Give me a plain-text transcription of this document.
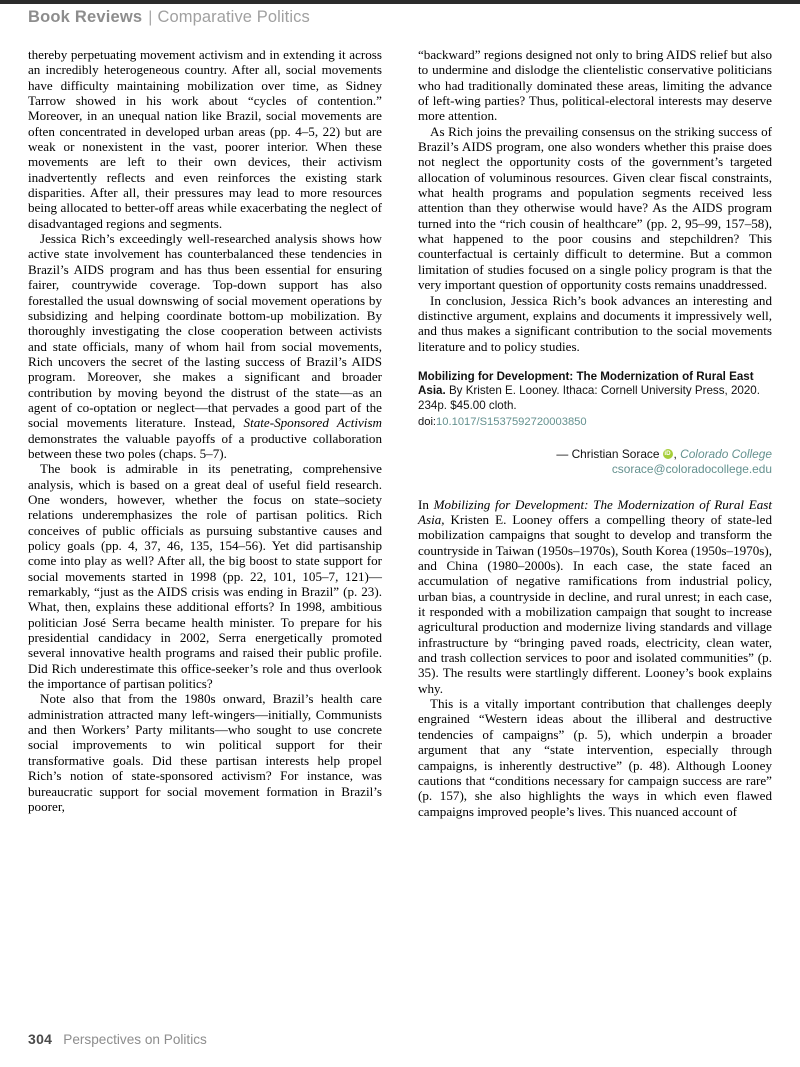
Book Reviews | Comparative Politics

thereby perpetuating movement activism and in extending it across an incredibly heterogeneous country. After all, social movements have difficulty maintaining mobilization over time, as Sidney Tarrow showed in his work about “cycles of contention.” Moreover, in an unequal nation like Brazil, social movements are often concentrated in developed urban areas (pp. 4–5, 22) but are weak or nonexistent in the vast, poorer interior. When these movements are left to their own devices, their activism inadvertently reflects and even reinforces the existing stark disparities. After all, their pressures may lead to more resources being allocated to better-off areas while exacerbating the neglect of disadvantaged regions and segments.

Jessica Rich’s exceedingly well-researched analysis shows how active state involvement has counterbalanced these tendencies in Brazil’s AIDS program and has thus been essential for ensuring fairer, countrywide coverage. Top-down support has also forestalled the usual downswing of social movement operations by subsidizing and helping coordinate bottom-up mobilization. By thoroughly investigating the close cooperation between activists and state officials, many of whom hail from social movements, Rich uncovers the secret of the lasting success of Brazil’s AIDS program. Moreover, she makes a significant and broader contribution by moving beyond the distrust of the state—as an agent of co-optation or neglect—that pervades a good part of the social movements literature. Instead, State-Sponsored Activism demonstrates the valuable payoffs of a productive collaboration between these two poles (chaps. 5–7).

The book is admirable in its penetrating, comprehensive analysis, which is based on a great deal of useful field research. One wonders, however, whether the focus on state–society relations underemphasizes the role of partisan politics. Rich conceives of public officials as pursuing substantive causes and policy goals (pp. 4, 37, 46, 135, 154–56). Yet did partisanship come into play as well? After all, the big boost to state support for social movements started in 1998 (pp. 22, 101, 105–7, 121)—remarkably, “just as the AIDS crisis was ending in Brazil” (p. 23). What, then, explains these additional efforts? In 1998, ambitious politician José Serra became health minister. To prepare for his presidential candidacy in 2002, Serra energetically promoted several innovative health programs and raised their public profile. Did Rich underestimate this office-seeker’s role and thus overlook the importance of partisan politics?

Note also that from the 1980s onward, Brazil’s health care administration attracted many left-wingers—initially, Communists and then Workers’ Party militants—who sought to use concrete social improvements to win political support for their transformative goals. Did these partisan interests help propel Rich’s notion of state-sponsored activism? For instance, was bureaucratic support for social movement formation in Brazil’s poorer,

“backward” regions designed not only to bring AIDS relief but also to undermine and dislodge the clientelistic conservative politicians who had traditionally dominated these areas, limiting the advance of left-wing parties? Thus, political-electoral interests may deserve more attention.

As Rich joins the prevailing consensus on the striking success of Brazil’s AIDS program, one also wonders whether this praise does not neglect the opportunity costs of the government’s targeted allocation of voluminous resources. Given clear fiscal constraints, what health programs and population segments received less attention than they otherwise would have? As the AIDS program turned into the “rich cousin of healthcare” (pp. 2, 95–99, 157–58), what happened to the poor cousins and stepchildren? This counterfactual is certainly difficult to determine. But a common limitation of studies focused on a single policy program is that the very important question of opportunity costs remains unaddressed.

In conclusion, Jessica Rich’s book advances an interesting and distinctive argument, explains and documents it impressively well, and thus makes a significant contribution to the social movements literature and to policy studies.

Mobilizing for Development: The Modernization of Rural East Asia. By Kristen E. Looney. Ithaca: Cornell University Press, 2020. 234p. $45.00 cloth.
doi:10.1017/S1537592720003850
— Christian Sorace iD , Colorado College
csorace@coloradocollege.edu

In Mobilizing for Development: The Modernization of Rural East Asia, Kristen E. Looney offers a compelling theory of state-led mobilization campaigns that sought to develop and transform the countryside in Taiwan (1950s–1970s), South Korea (1950s–1970s), and China (1980–2000s). In each case, the state faced an accumulation of negative ramifications from industrial policy, urban bias, a countryside in decline, and rural unrest; in each case, it responded with a mobilization campaign that sought to increase agricultural production and modernize living standards and village infrastructure by “bringing paved roads, electricity, clean water, and trash collection services to poor and isolated communities” (p. 35). The results were startlingly different. Looney’s book explains why.

This is a vitally important contribution that challenges deeply engrained “Western ideas about the illiberal and destructive tendencies of campaigns” (p. 5), which underpin a broader argument that any “state intervention, especially through campaigns, is inherently destructive” (p. 48). Although Looney cautions that “conditions necessary for campaign success are rare” (p. 157), she also highlights the ways in which even flawed campaigns improved people’s lives. This nuanced account of

304 Perspectives on Politics
